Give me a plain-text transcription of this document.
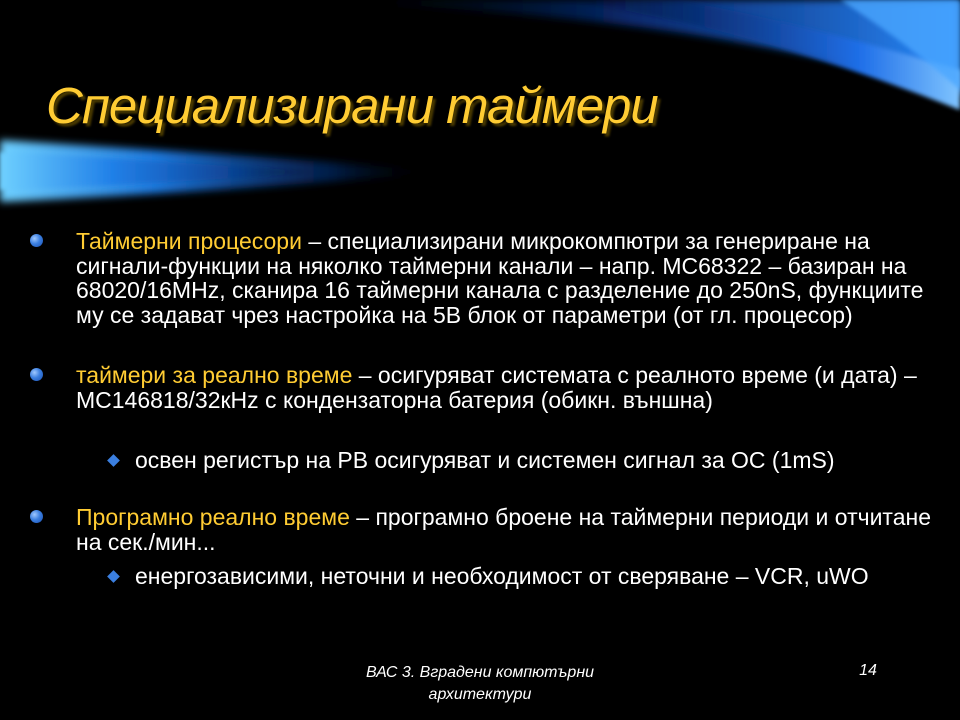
Специализирани таймери
Таймерни процесори – специализирани микрокомпютри за генериране на сигнали-функции на няколко таймерни канали – напр. MC68322 – базиран на 68020/16MHz, сканира 16 таймерни канала с разделение до 250nS, функциите му се задават чрез настройка на 5В блок от параметри (от гл. процесор)
таймери за реално време – осигуряват системата с реалното време (и дата) – MC146818/32кHz с кондензаторна батерия (обикн. външна)
освен регистър на РВ осигуряват и системен сигнал за ОС (1mS)
Програмно реално време – програмно броене на таймерни периоди и отчитане на сек./мин...
енергозависими, неточни и необходимост от сверяване – VCR, uWO
ВАС 3. Вградени компютърни архитектури
14
